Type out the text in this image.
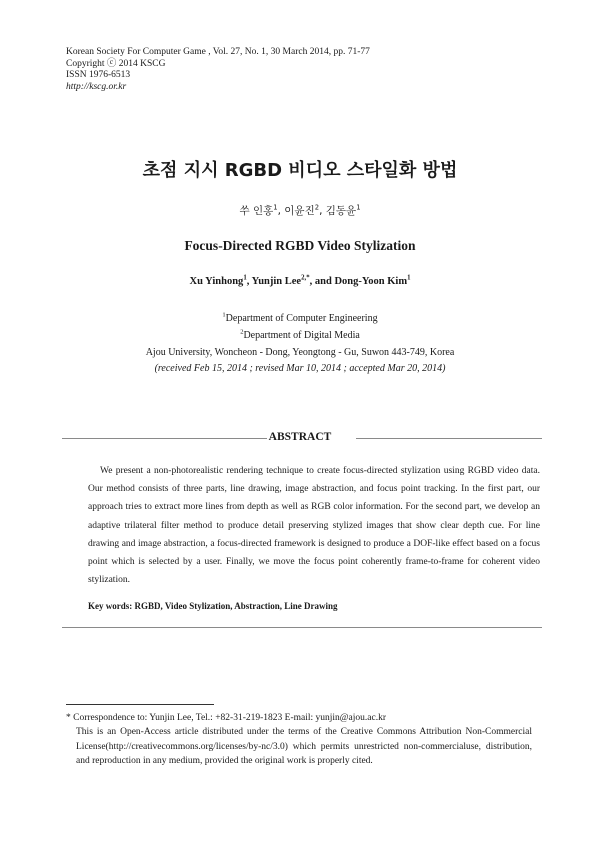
Korean Society For Computer Game , Vol. 27, No. 1, 30 March 2014, pp. 71-77
Copyright ⓒ 2014 KSCG
ISSN 1976-6513
http://kscg.or.kr
초점 지시 RGBD 비디오 스타일화 방법
쑤 인홍$^1$, 이윤진$^2$, 김동윤$^1$
Focus-Directed RGBD Video Stylization
Xu Yinhong$^1$, Yunjin Lee$^{2,*}$, and Dong-Yoon Kim$^1$
$^1$Department of Computer Engineering
$^2$Department of Digital Media
Ajou University, Woncheon - Dong, Yeongtong - Gu, Suwon 443-749, Korea
(received Feb 15, 2014 ; revised Mar 10, 2014 ; accepted Mar 20, 2014)
ABSTRACT

We present a non-photorealistic rendering technique to create focus-directed stylization using RGBD video data. Our method consists of three parts, line drawing, image abstraction, and focus point tracking. In the first part, our approach tries to extract more lines from depth as well as RGB color information. For the second part, we develop an adaptive trilateral filter method to produce detail preserving stylized images that show clear depth cue. For line drawing and image abstraction, a focus-directed framework is designed to produce a DOF-like effect based on a focus point which is selected by a user. Finally, we move the focus point coherently frame-to-frame for coherent video stylization.

Key words: RGBD, Video Stylization, Abstraction, Line Drawing
* Correspondence to: Yunjin Lee, Tel.: +82-31-219-1823 E-mail: yunjin@ajou.ac.kr
This is an Open-Access article distributed under the terms of the Creative Commons Attribution Non-Commercial License(http://creativecommons.org/licenses/by-nc/3.0) which permits unrestricted non-commercialuse, distribution, and reproduction in any medium, provided the original work is properly cited.
